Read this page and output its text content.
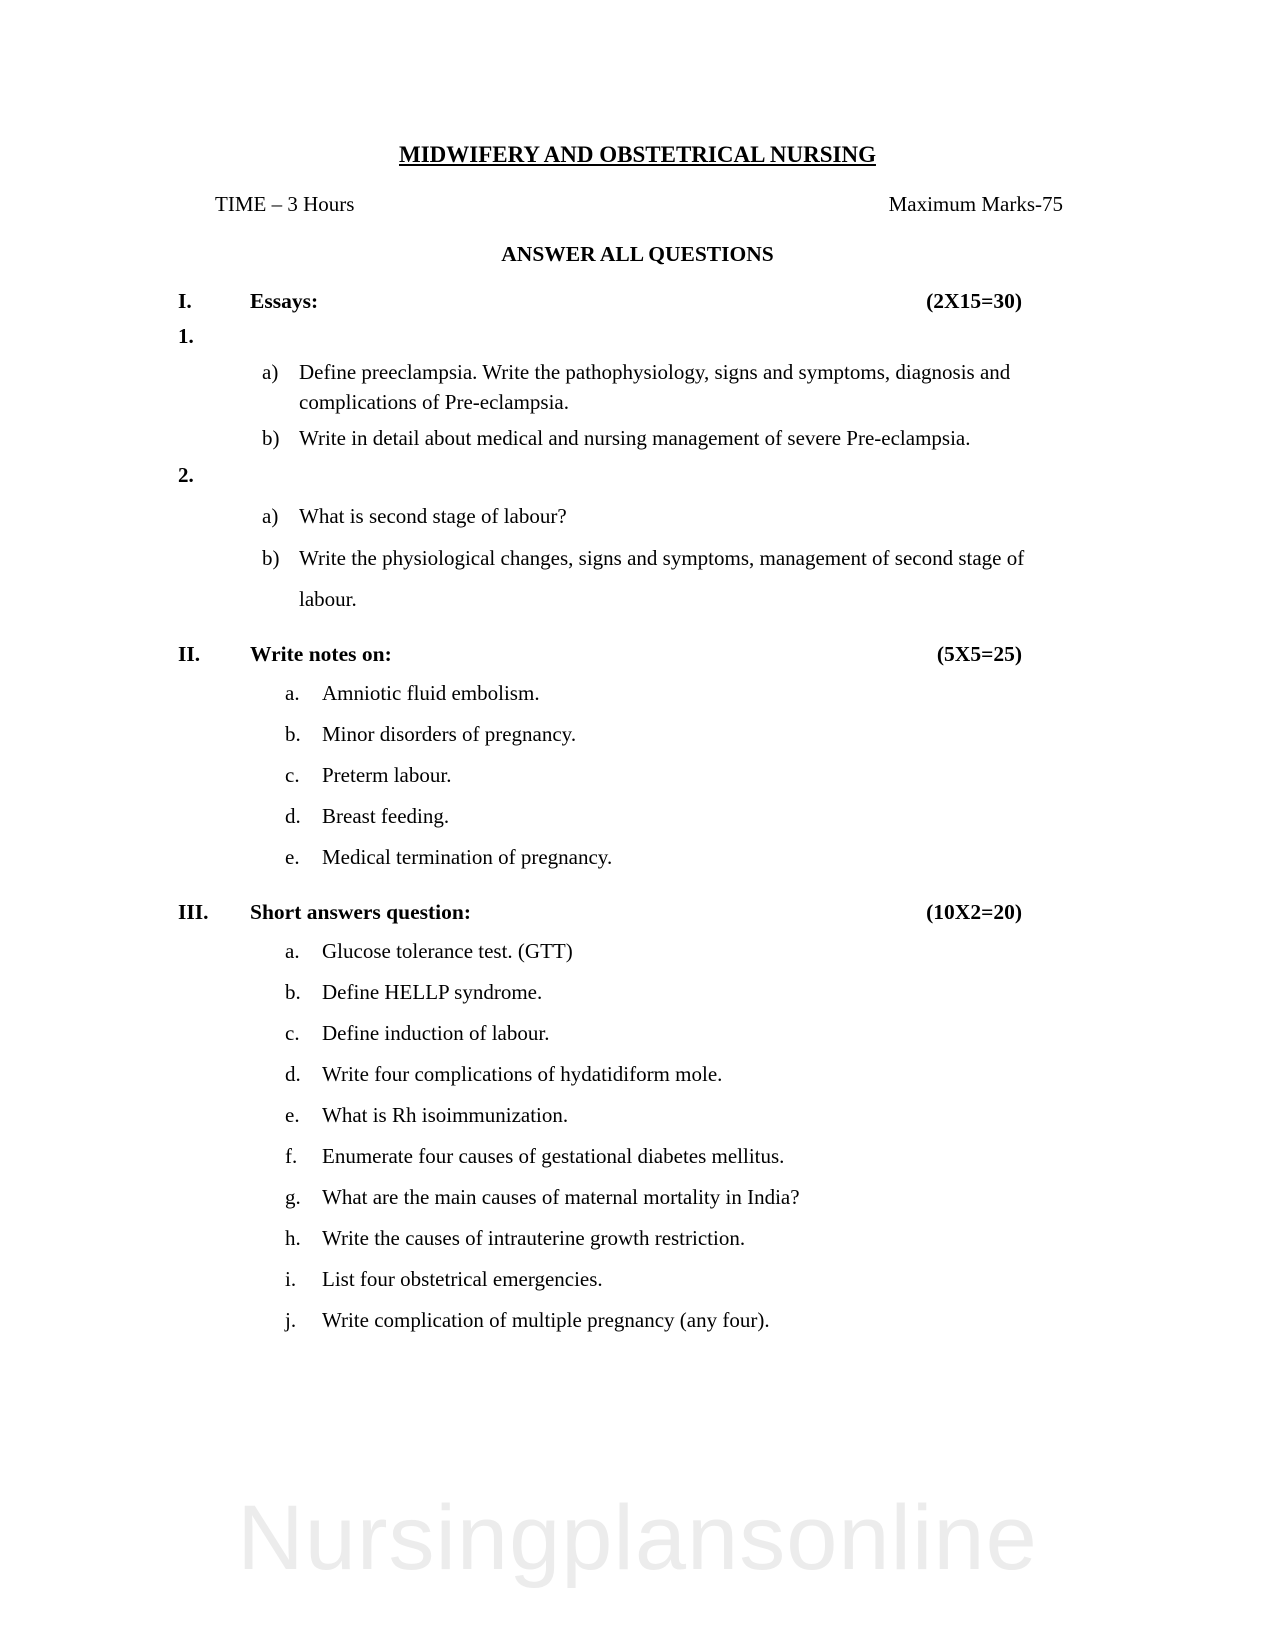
MIDWIFERY AND OBSTETRICAL NURSING
TIME – 3 Hours	Maximum Marks-75
ANSWER ALL QUESTIONS
I.	Essays:	(2X15=30)
1.
a) Define preeclampsia. Write the pathophysiology, signs and symptoms, diagnosis and complications of Pre-eclampsia.
b) Write in detail about medical and nursing management of severe Pre-eclampsia.
2.
a) What is second stage of labour?
b) Write the physiological changes, signs and symptoms, management of second stage of labour.
II.	Write notes on:	(5X5=25)
a.	Amniotic fluid embolism.
b.	Minor disorders of pregnancy.
c.	Preterm labour.
d.	Breast feeding.
e.	Medical termination of pregnancy.
III.	Short answers question:	(10X2=20)
a.	Glucose tolerance test. (GTT)
b.	Define HELLP syndrome.
c.	Define induction of labour.
d.	Write four complications of hydatidiform mole.
e.	What is Rh isoimmunization.
f.	Enumerate four causes of gestational diabetes mellitus.
g.	What are the main causes of maternal mortality in India?
h.	Write the causes of intrauterine growth restriction.
i.	List four obstetrical emergencies.
j.	Write complication of multiple pregnancy (any four).
Nursingplansonline
